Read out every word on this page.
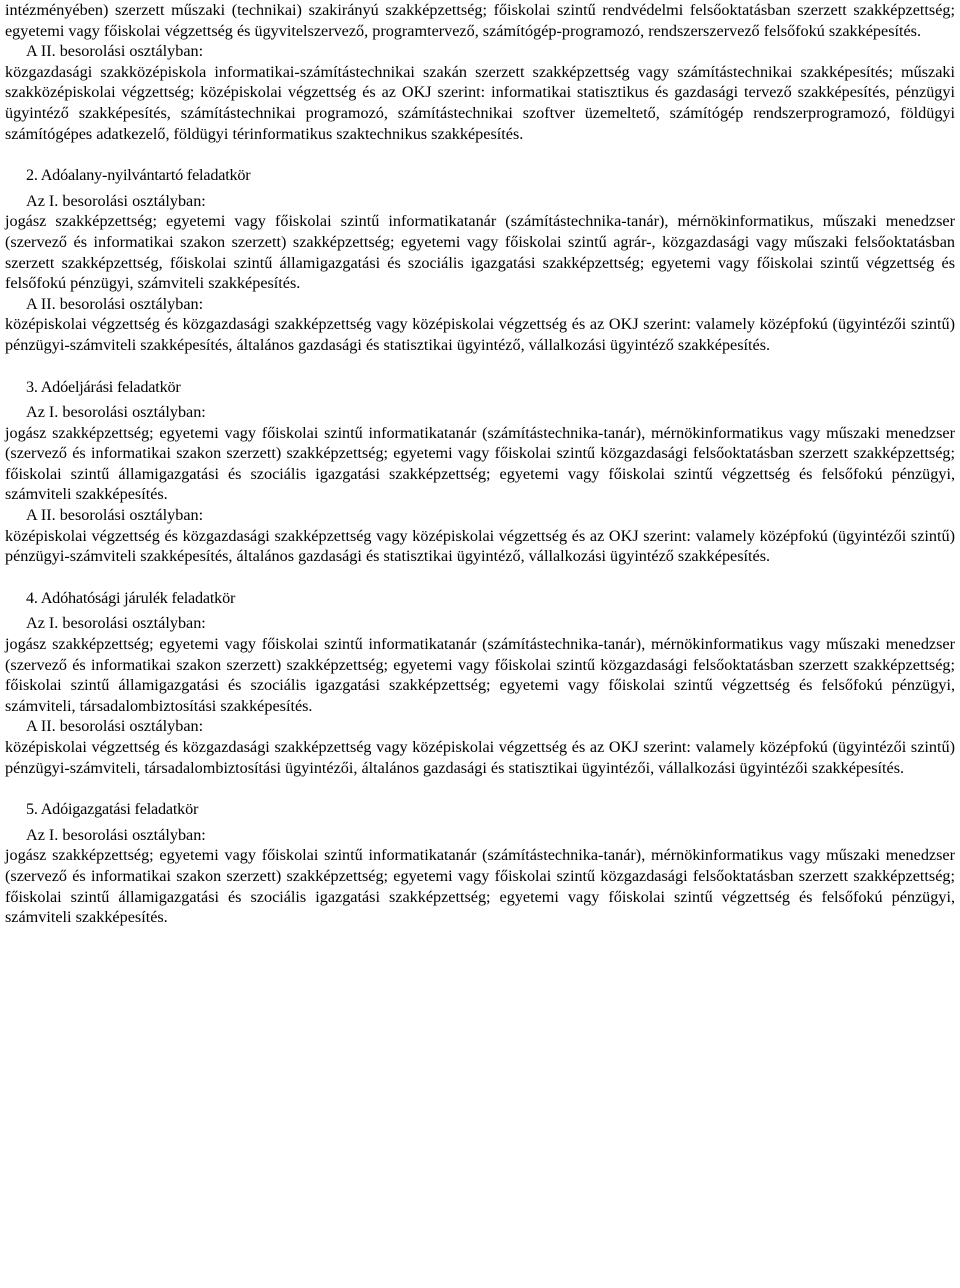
intézményében) szerzett műszaki (technikai) szakirányú szakképzettség; főiskolai szintű rendvédelmi felsőoktatásban szerzett szakképzettség; egyetemi vagy főiskolai végzettség és ügyvitelszervező, programtervező, számítógép-programozó, rendszerszervező felsőfokú szakképesítés.

A II. besorolási osztályban:

közgazdasági szakközépiskola informatikai-számítástechnikai szakán szerzett szakképzettség vagy számítástechnikai szakképesítés; műszaki szakközépiskolai végzettség; középiskolai végzettség és az OKJ szerint: informatikai statisztikus és gazdasági tervező szakképesítés, pénzügyi ügyintéző szakképesítés, számítástechnikai programozó, számítástechnikai szoftver üzemeltető, számítógép rendszerprogramozó, földügyi számítógépes adatkezelő, földügyi térinformatikus szaktechnikus szakképesítés.

2. Adóalany-nyilvántartó feladatkör

Az I. besorolási osztályban:

jogász szakképzettség; egyetemi vagy főiskolai szintű informatikatanár (számítástechnika-tanár), mérnökinformatikus, műszaki menedzser (szervező és informatikai szakon szerzett) szakképzettség; egyetemi vagy főiskolai szintű agrár-, közgazdasági vagy műszaki felsőoktatásban szerzett szakképzettség, főiskolai szintű államigazgatási és szociális igazgatási szakképzettség; egyetemi vagy főiskolai szintű végzettség és felsőfokú pénzügyi, számviteli szakképesítés.

A II. besorolási osztályban:

középiskolai végzettség és közgazdasági szakképzettség vagy középiskolai végzettség és az OKJ szerint: valamely középfokú (ügyintézői szintű) pénzügyi-számviteli szakképesítés, általános gazdasági és statisztikai ügyintéző, vállalkozási ügyintéző szakképesítés.

3. Adóeljárási feladatkör

Az I. besorolási osztályban:

jogász szakképzettség; egyetemi vagy főiskolai szintű informatikatanár (számítástechnika-tanár), mérnökinformatikus vagy műszaki menedzser (szervező és informatikai szakon szerzett) szakképzettség; egyetemi vagy főiskolai szintű közgazdasági felsőoktatásban szerzett szakképzettség; főiskolai szintű államigazgatási és szociális igazgatási szakképzettség; egyetemi vagy főiskolai szintű végzettség és felsőfokú pénzügyi, számviteli szakképesítés.

A II. besorolási osztályban:

középiskolai végzettség és közgazdasági szakképzettség vagy középiskolai végzettség és az OKJ szerint: valamely középfokú (ügyintézői szintű) pénzügyi-számviteli szakképesítés, általános gazdasági és statisztikai ügyintéző, vállalkozási ügyintéző szakképesítés.

4. Adóhatósági járulék feladatkör

Az I. besorolási osztályban:

jogász szakképzettség; egyetemi vagy főiskolai szintű informatikatanár (számítástechnika-tanár), mérnökinformatikus vagy műszaki menedzser (szervező és informatikai szakon szerzett) szakképzettség; egyetemi vagy főiskolai szintű közgazdasági felsőoktatásban szerzett szakképzettség; főiskolai szintű államigazgatási és szociális igazgatási szakképzettség; egyetemi vagy főiskolai szintű végzettség és felsőfokú pénzügyi, számviteli, társadalombiztosítási szakképesítés.

A II. besorolási osztályban:

középiskolai végzettség és közgazdasági szakképzettség vagy középiskolai végzettség és az OKJ szerint: valamely középfokú (ügyintézői szintű) pénzügyi-számviteli, társadalombiztosítási ügyintézői, általános gazdasági és statisztikai ügyintézői, vállalkozási ügyintézői szakképesítés.

5. Adóigazgatási feladatkör

Az I. besorolási osztályban:

jogász szakképzettség; egyetemi vagy főiskolai szintű informatikatanár (számítástechnika-tanár), mérnökinformatikus vagy műszaki menedzser (szervező és informatikai szakon szerzett) szakképzettség; egyetemi vagy főiskolai szintű közgazdasági felsőoktatásban szerzett szakképzettség; főiskolai szintű államigazgatási és szociális igazgatási szakképzettség; egyetemi vagy főiskolai szintű végzettség és felsőfokú pénzügyi, számviteli szakképesítés.
